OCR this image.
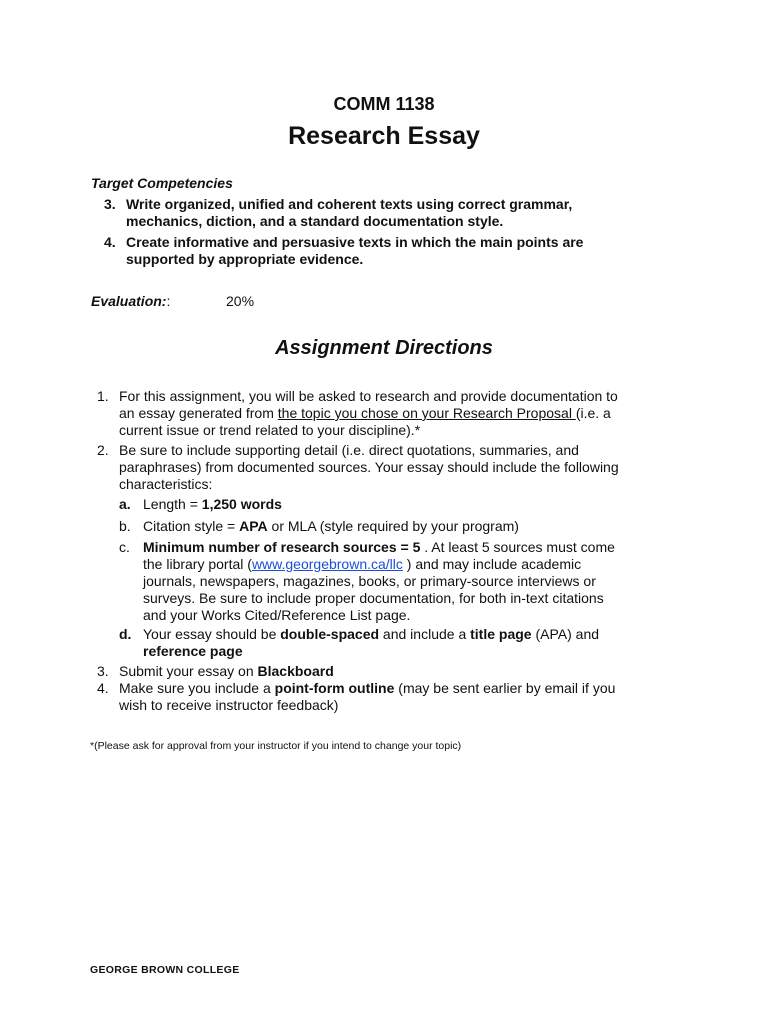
COMM 1138
Research Essay
Target Competencies
3. Write organized, unified and coherent texts using correct grammar, mechanics, diction, and a standard documentation style.
4. Create informative and persuasive texts in which the main points are supported by appropriate evidence.
Evaluation::	20%
Assignment Directions
1. For this assignment, you will be asked to research and provide documentation to an essay generated from the topic you chose on your Research Proposal (i.e. a current issue or trend related to your discipline).*
2. Be sure to include supporting detail (i.e. direct quotations, summaries, and paraphrases) from documented sources. Your essay should include the following characteristics:
a. Length = 1,250 words
b. Citation style = APA or MLA (style required by your program)
c. Minimum number of research sources = 5 . At least 5 sources must come the library portal (www.georgebrown.ca/llc ) and may include academic journals, newspapers, magazines, books, or primary-source interviews or surveys. Be sure to include proper documentation, for both in-text citations and your Works Cited/Reference List page.
d. Your essay should be double-spaced and include a title page (APA) and reference page
3. Submit your essay on Blackboard
4. Make sure you include a point-form outline (may be sent earlier by email if you wish to receive instructor feedback)
*(Please ask for approval from your instructor if you intend to change your topic)
GEORGE BROWN COLLEGE
